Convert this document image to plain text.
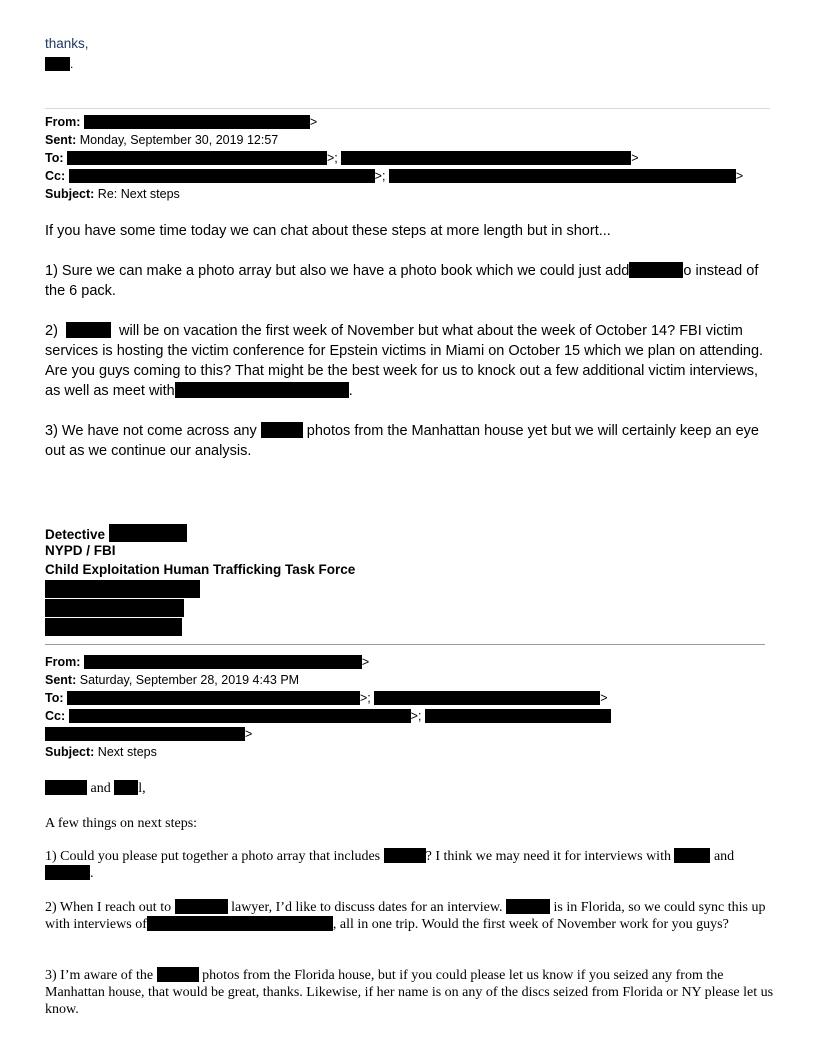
thanks,
.
From:	>
Sent: Monday, September 30, 2019 12:57
To:	>;	>
Cc:	>;	>
Subject: Re: Next steps
If you have some time today we can chat about these steps at more length but in short...
1) Sure we can make a photo array but also we have a photo book which we could just add	o instead of the 6 pack.
2)	will be on vacation the first week of November but what about the week of October 14? FBI victim services is hosting the victim conference for Epstein victims in Miami on October 15 which we plan on attending. Are you guys coming to this? That might be the best week for us to knock out a few additional victim interviews, as well as meet with	.
3) We have not come across any	photos from the Manhattan house yet but we will certainly keep an eye out as we continue our analysis.
Detective
NYPD / FBI
Child Exploitation Human Trafficking Task Force
From:	>
Sent: Saturday, September 28, 2019 4:43 PM
To:	>;	>
Cc:	>;
>
Subject: Next steps
and l,
A few things on next steps:
1) Could you please put together a photo array that includes	? I think we may need it for interviews with	and .
2) When I reach out to	lawyer, I’d like to discuss dates for an interview.	is in Florida, so we could sync this up with interviews of	, all in one trip. Would the first week of November work for you guys?
3) I’m aware of the	photos from the Florida house, but if you could please let us know if you seized any from the Manhattan house, that would be great, thanks. Likewise, if her name is on any of the discs seized from Florida or NY please let us know.
